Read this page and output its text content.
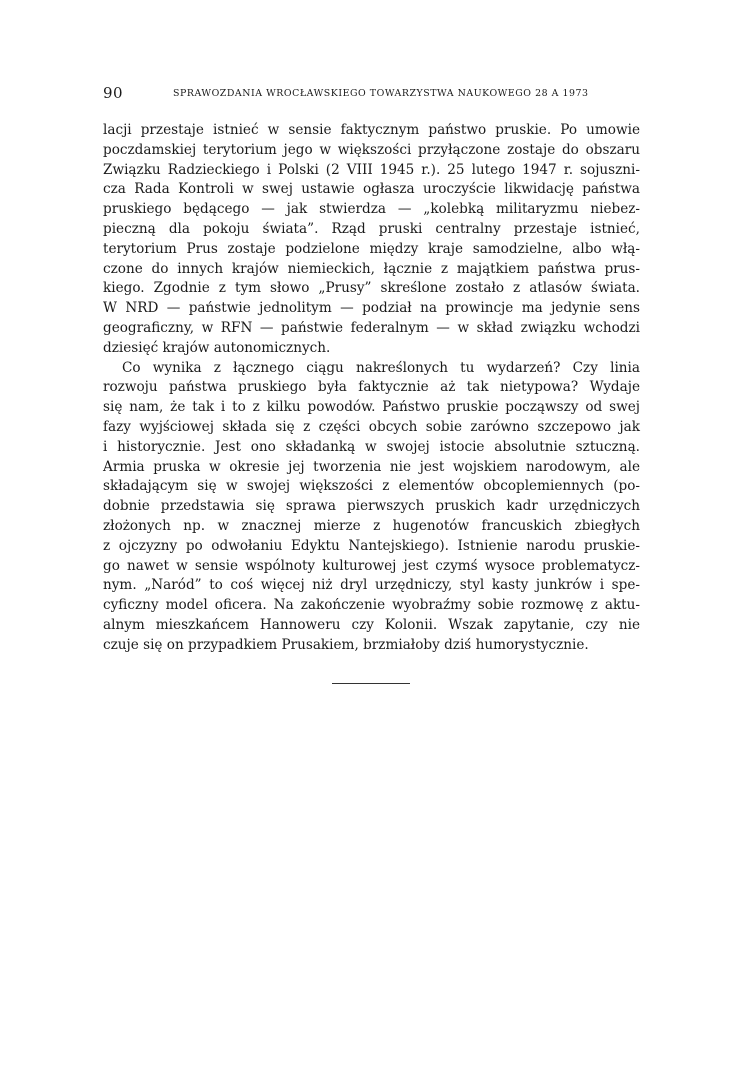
90	SPRAWOZDANIA WROCŁAWSKIEGO TOWARZYSTWA NAUKOWEGO 28 A 1973
lacji przestaje istnieć w sensie faktycznym państwo pruskie. Po umowie
poczdamskiej terytorium jego w większości przyłączone zostaje do obszaru
Związku Radzieckiego i Polski (2 VIII 1945 r.). 25 lutego 1947 r. sojuszni-
cza Rada Kontroli w swej ustawie ogłasza uroczyście likwidację państwa
pruskiego będącego — jak stwierdza — „kolebką militaryzmu niebez-
pieczną dla pokoju świata”. Rząd pruski centralny przestaje istnieć,
terytorium Prus zostaje podzielone między kraje samodzielne, albo włą-
czone do innych krajów niemieckich, łącznie z majątkiem państwa prus-
kiego. Zgodnie z tym słowo „Prusy” skreślone zostało z atlasów świata.
W NRD — państwie jednolitym — podział na prowincje ma jedynie sens
geograficzny, w RFN — państwie federalnym — w skład związku wchodzi
dziesięć krajów autonomicznych.
Co wynika z łącznego ciągu nakreślonych tu wydarzeń? Czy linia
rozwoju państwa pruskiego była faktycznie aż tak nietypowa? Wydaje
się nam, że tak i to z kilku powodów. Państwo pruskie począwszy od swej
fazy wyjściowej składa się z części obcych sobie zarówno szczepowo jak
i historycznie. Jest ono składanką w swojej istocie absolutnie sztuczną.
Armia pruska w okresie jej tworzenia nie jest wojskiem narodowym, ale
składającym się w swojej większości z elementów obcoplemiennych (po-
dobnie przedstawia się sprawa pierwszych pruskich kadr urzędniczych
złożonych np. w znacznej mierze z hugenotów francuskich zbiegłych
z ojczyzny po odwołaniu Edyktu Nantejskiego). Istnienie narodu pruskie-
go nawet w sensie wspólnoty kulturowej jest czymś wysoce problematycz-
nym. „Naród” to coś więcej niż dryl urzędniczy, styl kasty junkrów i spe-
cyficzny model oficera. Na zakończenie wyobraźmy sobie rozmowę z aktu-
alnym mieszkańcem Hannoweru czy Kolonii. Wszak zapytanie, czy nie
czuje się on przypadkiem Prusakiem, brzmiałoby dziś humorystycznie.
